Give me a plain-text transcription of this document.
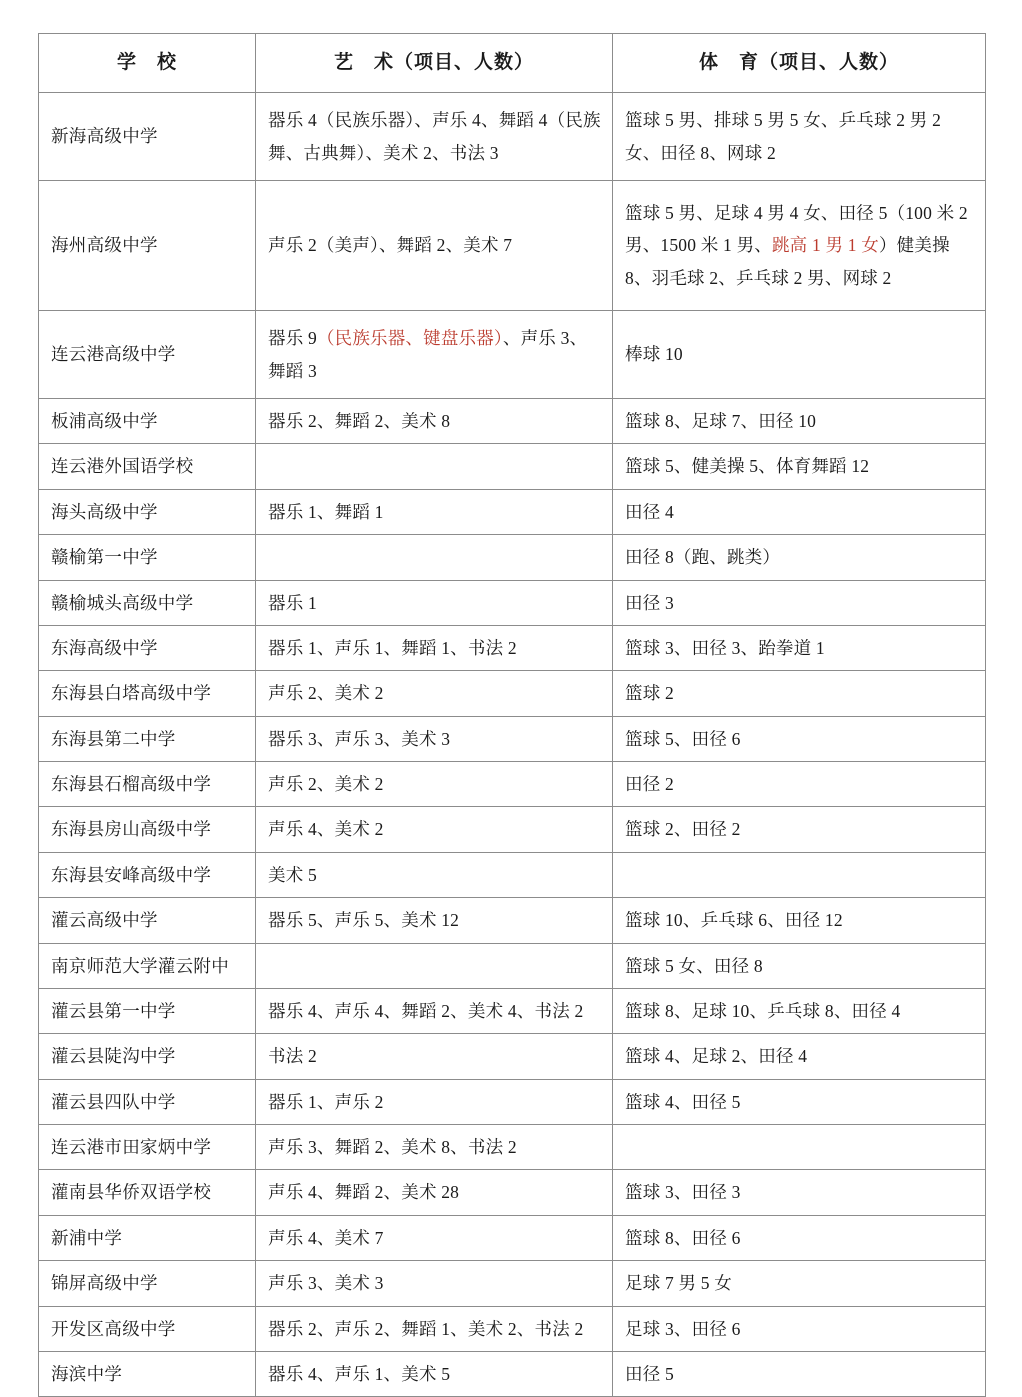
学　校	艺　术（项目、人数）	体　育（项目、人数）
新海高级中学	器乐 4（民族乐器）、声乐 4、舞蹈 4（民族舞、古典舞）、美术 2、书法 3	篮球 5 男、排球 5 男 5 女、乒乓球 2 男 2 女、田径 8、网球 2
海州高级中学	声乐 2（美声）、舞蹈 2、美术 7	篮球 5 男、足球 4 男 4 女、田径 5（100 米 2 男、1500 米 1 男、跳高 1 男 1 女）健美操 8、羽毛球 2、乒乓球 2 男、网球 2
连云港高级中学	器乐 9（民族乐器、键盘乐器）、声乐 3、舞蹈 3	棒球 10
板浦高级中学	器乐 2、舞蹈 2、美术 8	篮球 8、足球 7、田径 10
连云港外国语学校		篮球 5、健美操 5、体育舞蹈 12
海头高级中学	器乐 1、舞蹈 1	田径 4
赣榆第一中学		田径 8（跑、跳类）
赣榆城头高级中学	器乐 1	田径 3
东海高级中学	器乐 1、声乐 1、舞蹈 1、书法 2	篮球 3、田径 3、跆拳道 1
东海县白塔高级中学	声乐 2、美术 2	篮球 2
东海县第二中学	器乐 3、声乐 3、美术 3	篮球 5、田径 6
东海县石榴高级中学	声乐 2、美术 2	田径 2
东海县房山高级中学	声乐 4、美术 2	篮球 2、田径 2
东海县安峰高级中学	美术 5	
灌云高级中学	器乐 5、声乐 5、美术 12	篮球 10、乒乓球 6、田径 12
南京师范大学灌云附中		篮球 5 女、田径 8
灌云县第一中学	器乐 4、声乐 4、舞蹈 2、美术 4、书法 2	篮球 8、足球 10、乒乓球 8、田径 4
灌云县陡沟中学	书法 2	篮球 4、足球 2、田径 4
灌云县四队中学	器乐 1、声乐 2	篮球 4、田径 5
连云港市田家炳中学	声乐 3、舞蹈 2、美术 8、书法 2	
灌南县华侨双语学校	声乐 4、舞蹈 2、美术 28	篮球 3、田径 3
新浦中学	声乐 4、美术 7	篮球 8、田径 6
锦屏高级中学	声乐 3、美术 3	足球 7 男 5 女
开发区高级中学	器乐 2、声乐 2、舞蹈 1、美术 2、书法 2	足球 3、田径 6
海滨中学	器乐 4、声乐 1、美术 5	田径 5
